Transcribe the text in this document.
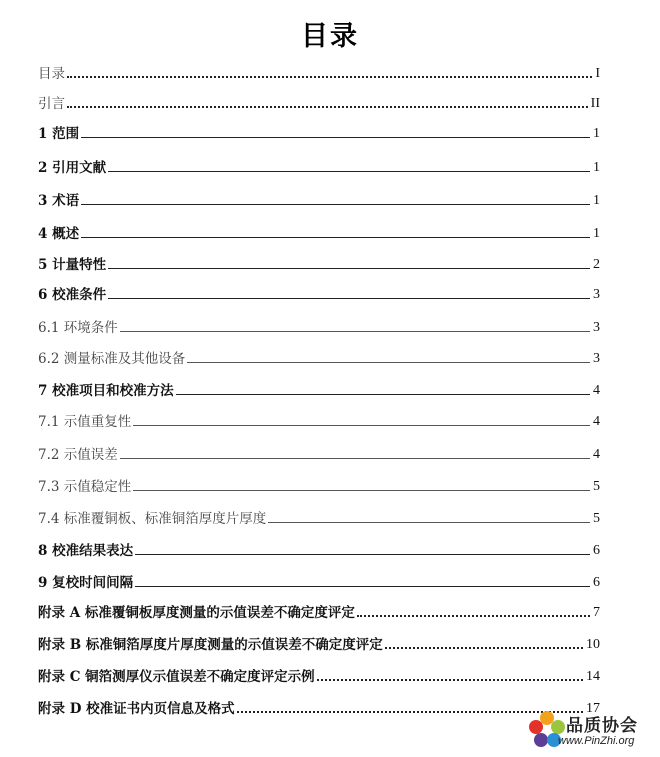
目录
目录	I
引言	II
1 范围	1
2 引用文献	1
3 术语	1
4 概述	1
5 计量特性	2
6 校准条件	3
6.1 环境条件	3
6.2 测量标准及其他设备	3
7 校准项目和校准方法	4
7.1 示值重复性	4
7.2 示值误差	4
7.3 示值稳定性	5
7.4 标准覆铜板、标准铜箔厚度片厚度	5
8 校准结果表达	6
9 复校时间间隔	6
附录 A 标准覆铜板厚度测量的示值误差不确定度评定	7
附录 B 标准铜箔厚度片厚度测量的示值误差不确定度评定	10
附录 C 铜箔测厚仪示值误差不确定度评定示例	14
附录 D 校准证书内页信息及格式	17
品质协会
www.PinZhi.org
